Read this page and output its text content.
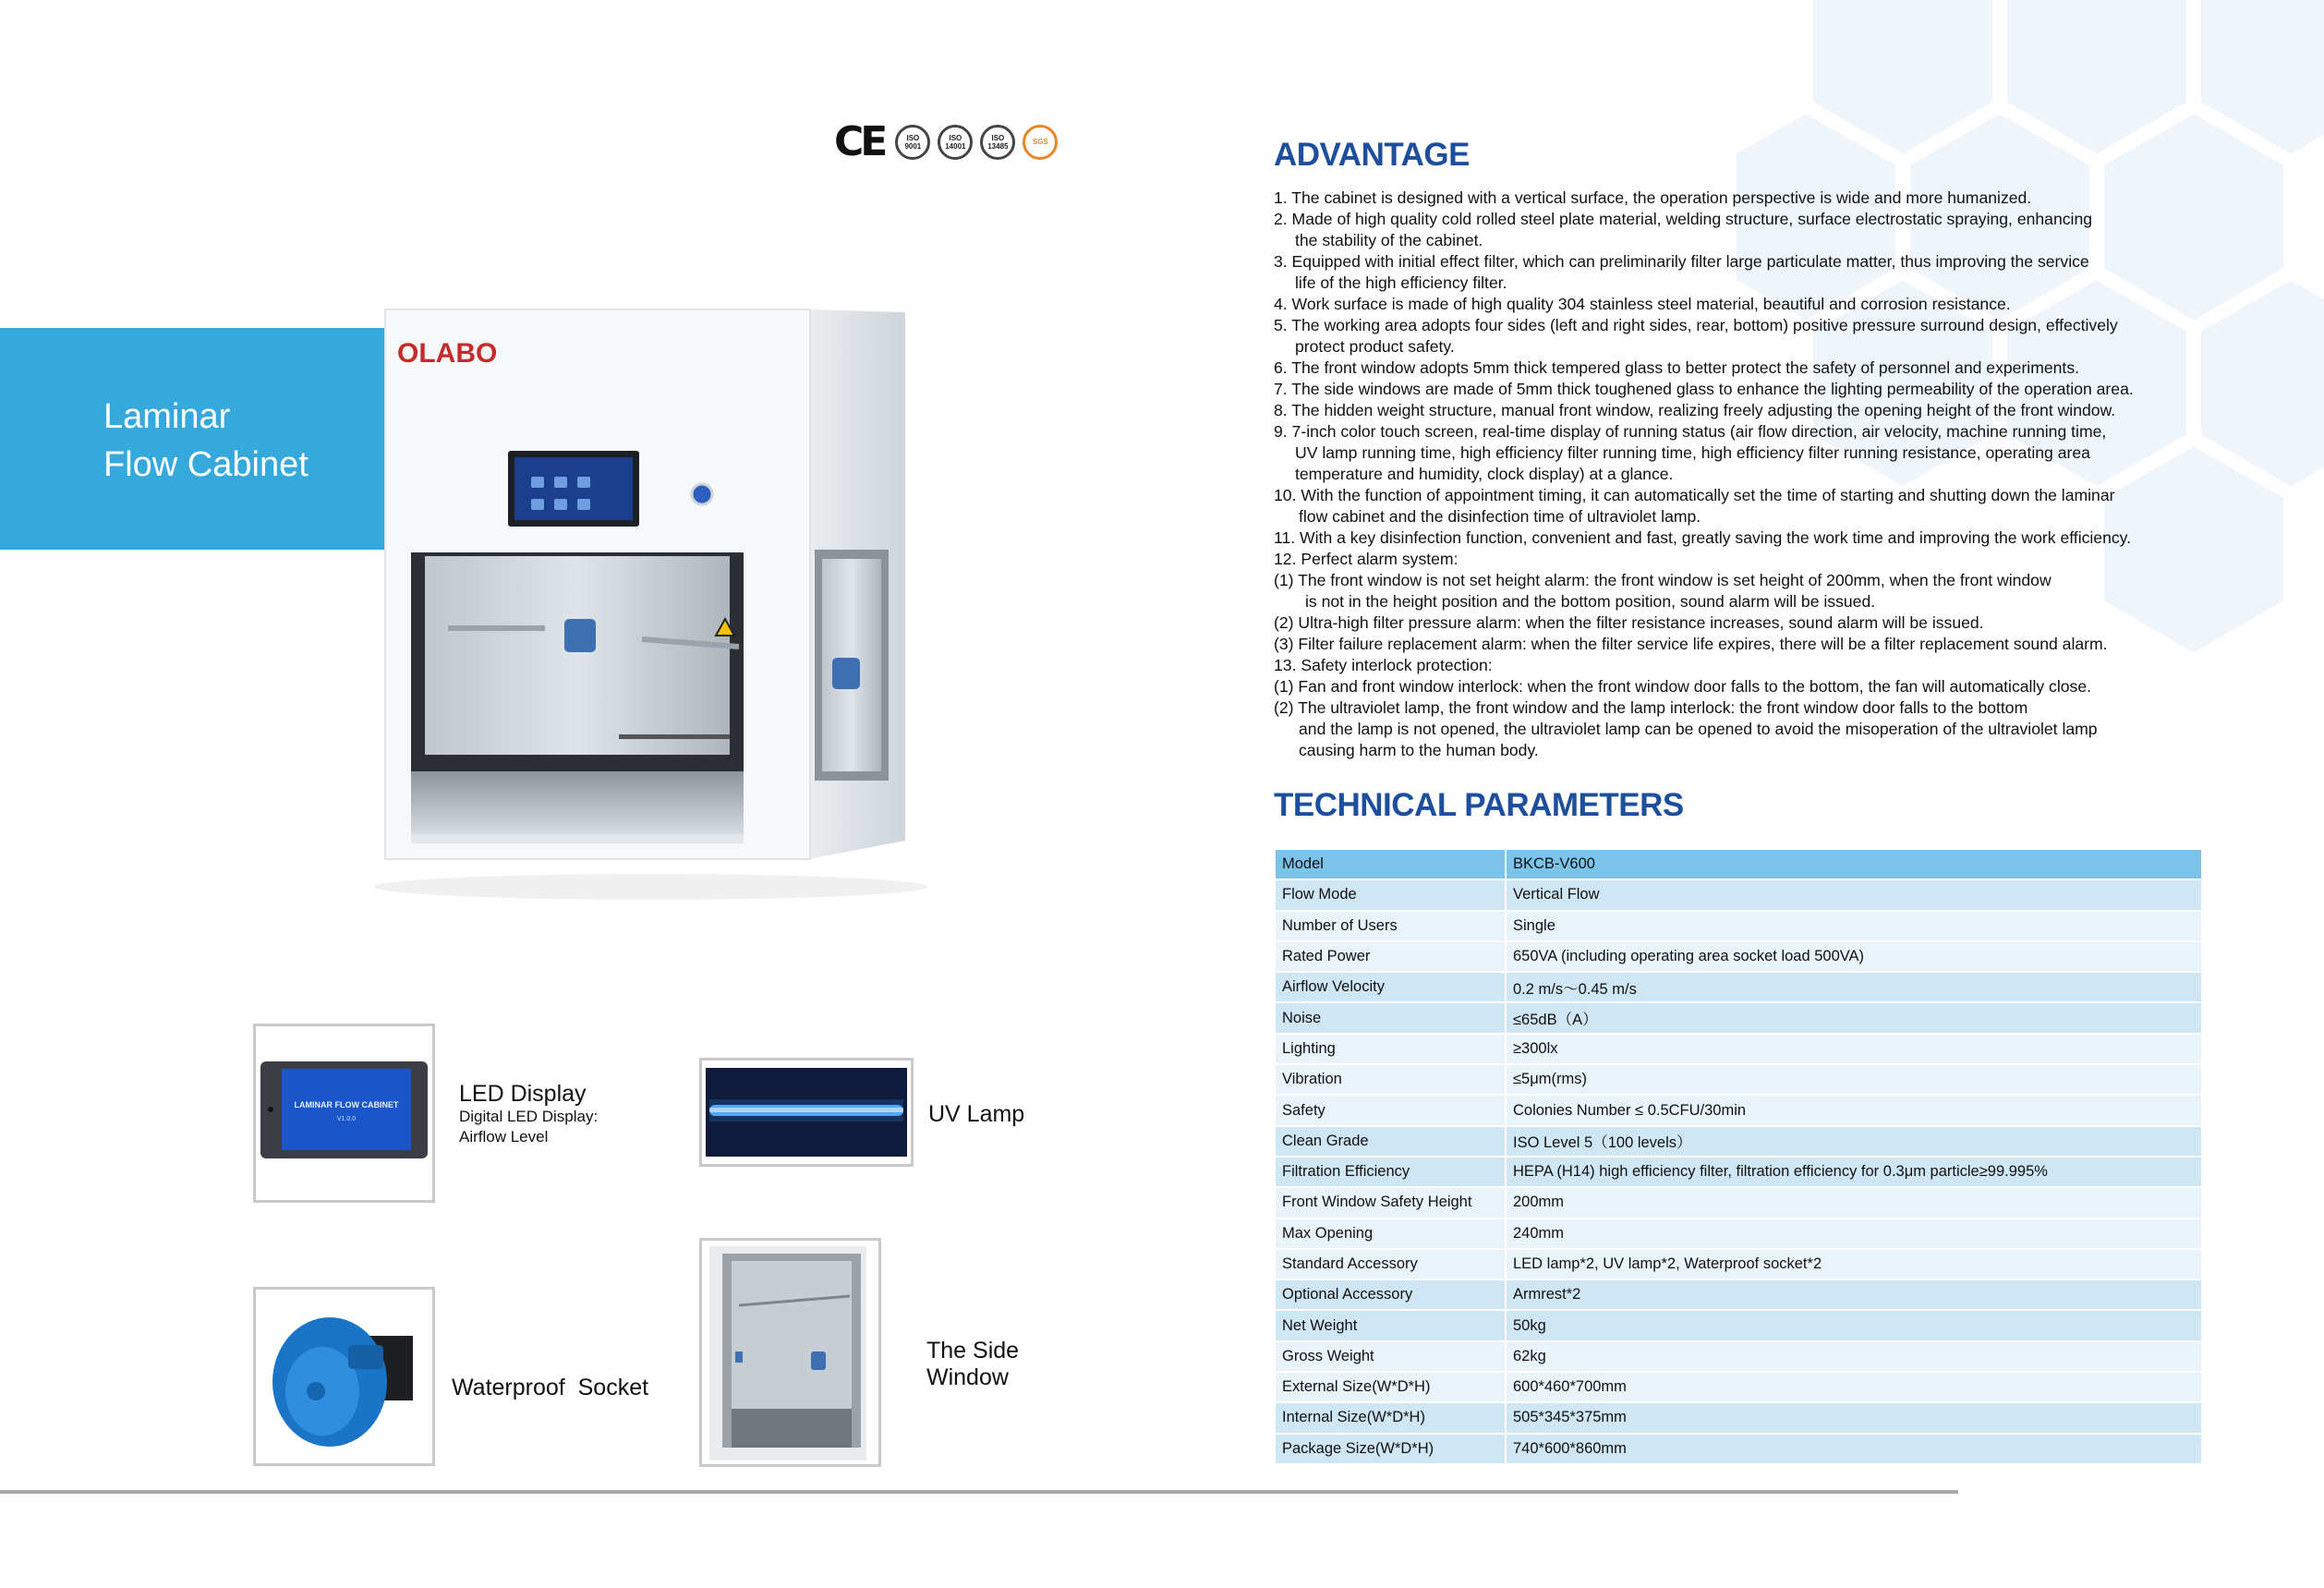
CE	ISO 9001
ISO 14001
ISO 13485	SGS
Laminar
Flow Cabinet
OLABO
LAMINAR FLOW CABINET
V1.0.0
LED Display
Digital LED Display:
Airflow Level
UV Lamp
Waterproof  Socket
The Side
Window
ADVANTAGE
1. The cabinet is designed with a vertical surface, the operation perspective is wide and more humanized.
2. Made of high quality cold rolled steel plate material, welding structure, surface electrostatic spraying, enhancing
the stability of the cabinet.
3. Equipped with initial effect filter, which can preliminarily filter large particulate matter, thus improving the service
life of the high efficiency filter.
4. Work surface is made of high quality 304 stainless steel material, beautiful and corrosion resistance.
5. The working area adopts four sides (left and right sides, rear, bottom) positive pressure surround design, effectively
protect product safety.
6. The front window adopts 5mm thick tempered glass to better protect the safety of personnel and experiments.
7. The side windows are made of 5mm thick toughened glass to enhance the lighting permeability of the operation area.
8. The hidden weight structure, manual front window, realizing freely adjusting the opening height of the front window.
9. 7-inch color touch screen, real-time display of running status (air flow direction, air velocity, machine running time,
UV lamp running time, high efficiency filter running time, high efficiency filter running resistance, operating area
temperature and humidity, clock display) at a glance.
10. With the function of appointment timing, it can automatically set the time of starting and shutting down the laminar
flow cabinet and the disinfection time of ultraviolet lamp.
11. With a key disinfection function, convenient and fast, greatly saving the work time and improving the work efficiency.
12. Perfect alarm system:
(1) The front window is not set height alarm: the front window is set height of 200mm, when the front window
is not in the height position and the bottom position, sound alarm will be issued.
(2) Ultra-high filter pressure alarm: when the filter resistance increases, sound alarm will be issued.
(3) Filter failure replacement alarm: when the filter service life expires, there will be a filter replacement sound alarm.
13. Safety interlock protection:
(1) Fan and front window interlock: when the front window door falls to the bottom, the fan will automatically close.
(2) The ultraviolet lamp, the front window and the lamp interlock: the front window door falls to the bottom
and the lamp is not opened, the ultraviolet lamp can be opened to avoid the misoperation of the ultraviolet lamp
causing harm to the human body.
TECHNICAL PARAMETERS
Model	BKCB-V600
Flow Mode	Vertical Flow
Number of Users	Single
Rated Power	650VA (including operating area socket load 500VA)
Airflow Velocity	0.2 m/s～0.45 m/s
Noise	≤65dB（A）
Lighting	≥300lx
Vibration	≤5μm(rms)
Safety	Colonies Number ≤ 0.5CFU/30min
Clean Grade	ISO Level 5（100 levels）
Filtration Efficiency	HEPA (H14) high efficiency filter, filtration efficiency for 0.3μm particle≥99.995%
Front Window Safety Height	200mm
Max Opening	240mm
Standard Accessory	LED lamp*2, UV lamp*2, Waterproof socket*2
Optional Accessory	Armrest*2
Net Weight	50kg
Gross Weight	62kg
External Size(W*D*H)	600*460*700mm
Internal Size(W*D*H)	505*345*375mm
Package Size(W*D*H)	740*600*860mm
